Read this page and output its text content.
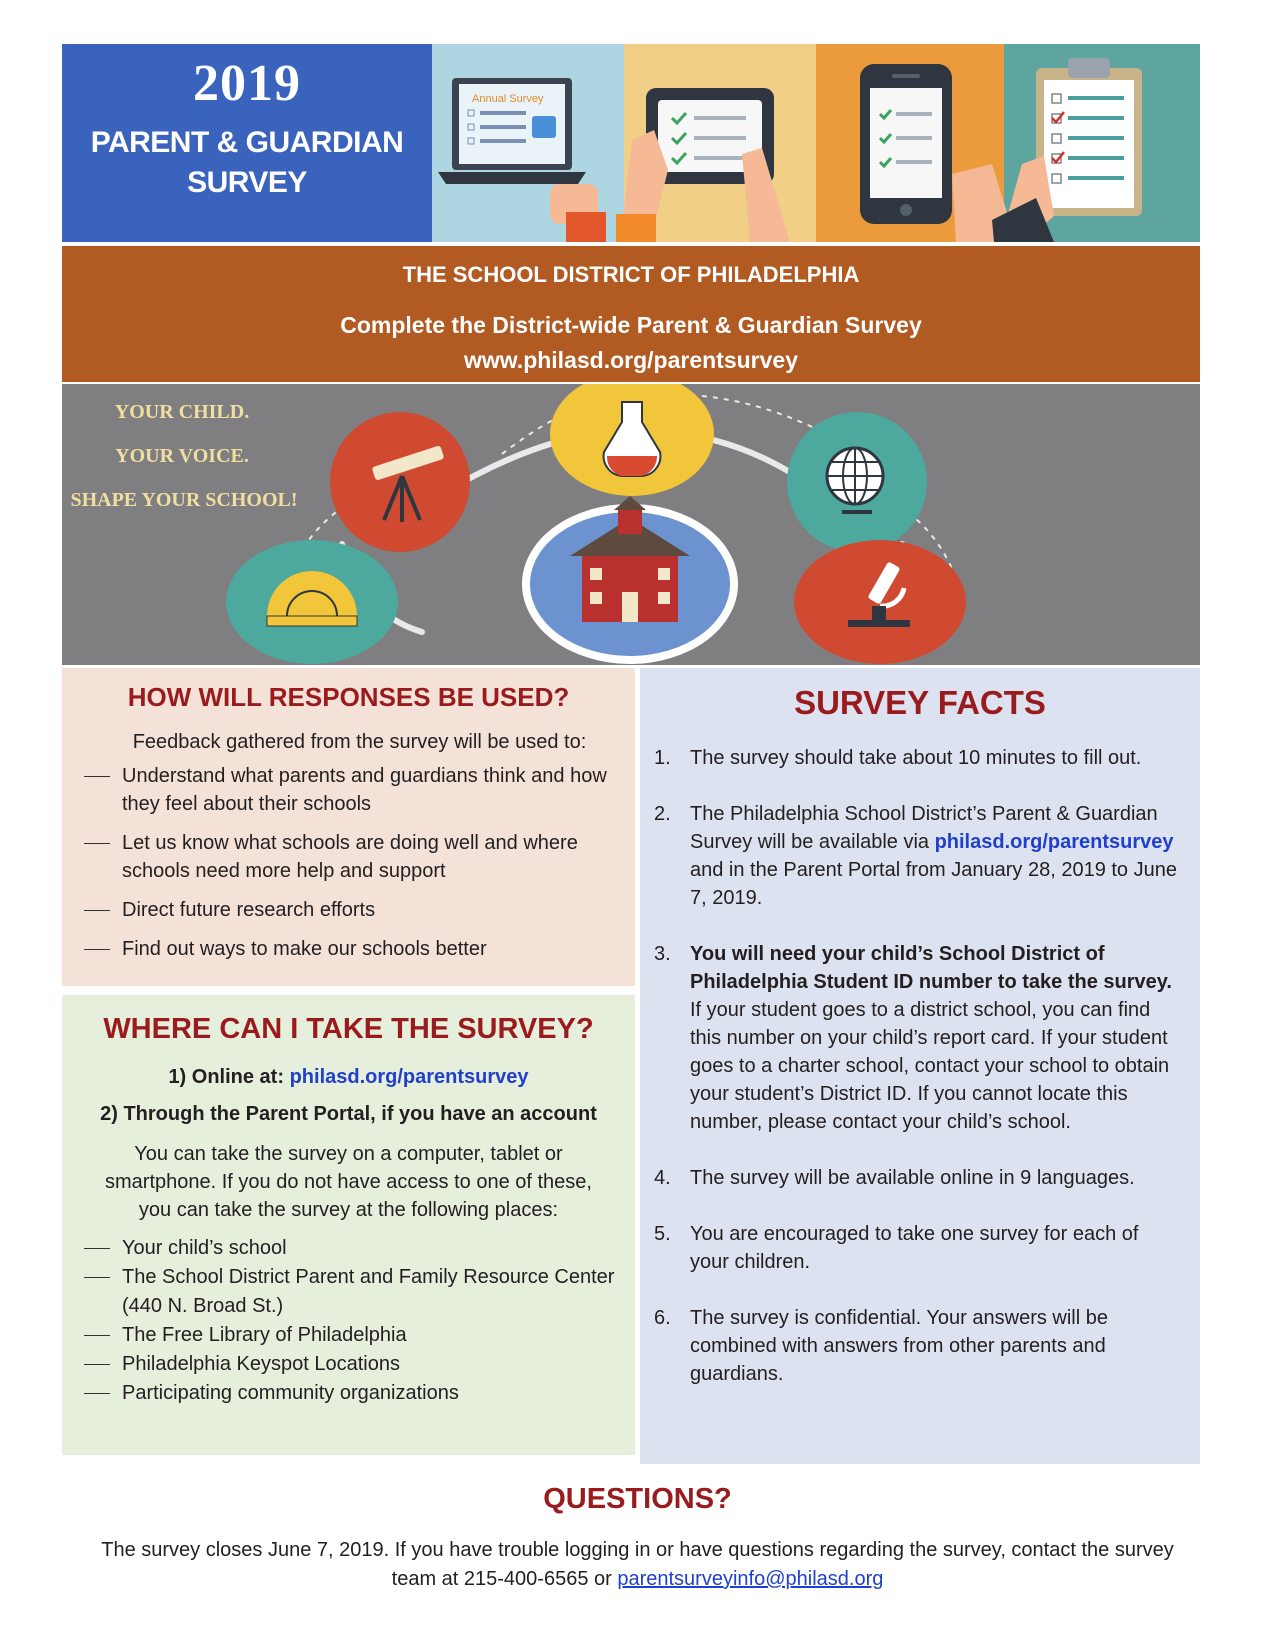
2019
PARENT & GUARDIAN
SURVEY
Annual Survey
THE SCHOOL DISTRICT OF PHILADELPHIA
Complete the District-wide Parent & Guardian Survey
www.philasd.org/parentsurvey
YOUR CHILD.
YOUR VOICE.
SHAPE YOUR SCHOOL!
HOW WILL RESPONSES BE USED?
Feedback gathered from the survey will be used to:
Understand what parents and guardians think and how they feel about their schools
Let us know what schools are doing well and where schools need more help and support
Direct future research efforts
Find out ways to make our schools better
WHERE CAN I TAKE THE SURVEY?
1) Online at: philasd.org/parentsurvey
2) Through the Parent Portal, if you have an account
You can take the survey on a computer, tablet or smartphone. If you do not have access to one of these, you can take the survey at the following places:
Your child’s school
The School District Parent and Family Resource Center (440 N. Broad St.)
The Free Library of Philadelphia
Philadelphia Keyspot Locations
Participating community organizations
SURVEY FACTS
1. The survey should take about 10 minutes to fill out.
2. The Philadelphia School District’s Parent & Guardian Survey will be available via philasd.org/parentsurvey and in the Parent Portal from January 28, 2019 to June 7, 2019.
3. You will need your child’s School District of Philadelphia Student ID number to take the survey. If your student goes to a district school, you can find this number on your child’s report card. If your student goes to a charter school, contact your school to obtain your student’s District ID. If you cannot locate this number, please contact your child’s school.
4. The survey will be available online in 9 languages.
5. You are encouraged to take one survey for each of your children.
6. The survey is confidential. Your answers will be combined with answers from other parents and guardians.
QUESTIONS?
The survey closes June 7, 2019. If you have trouble logging in or have questions regarding the survey, contact the survey team at 215-400-6565 or parentsurveyinfo@philasd.org
